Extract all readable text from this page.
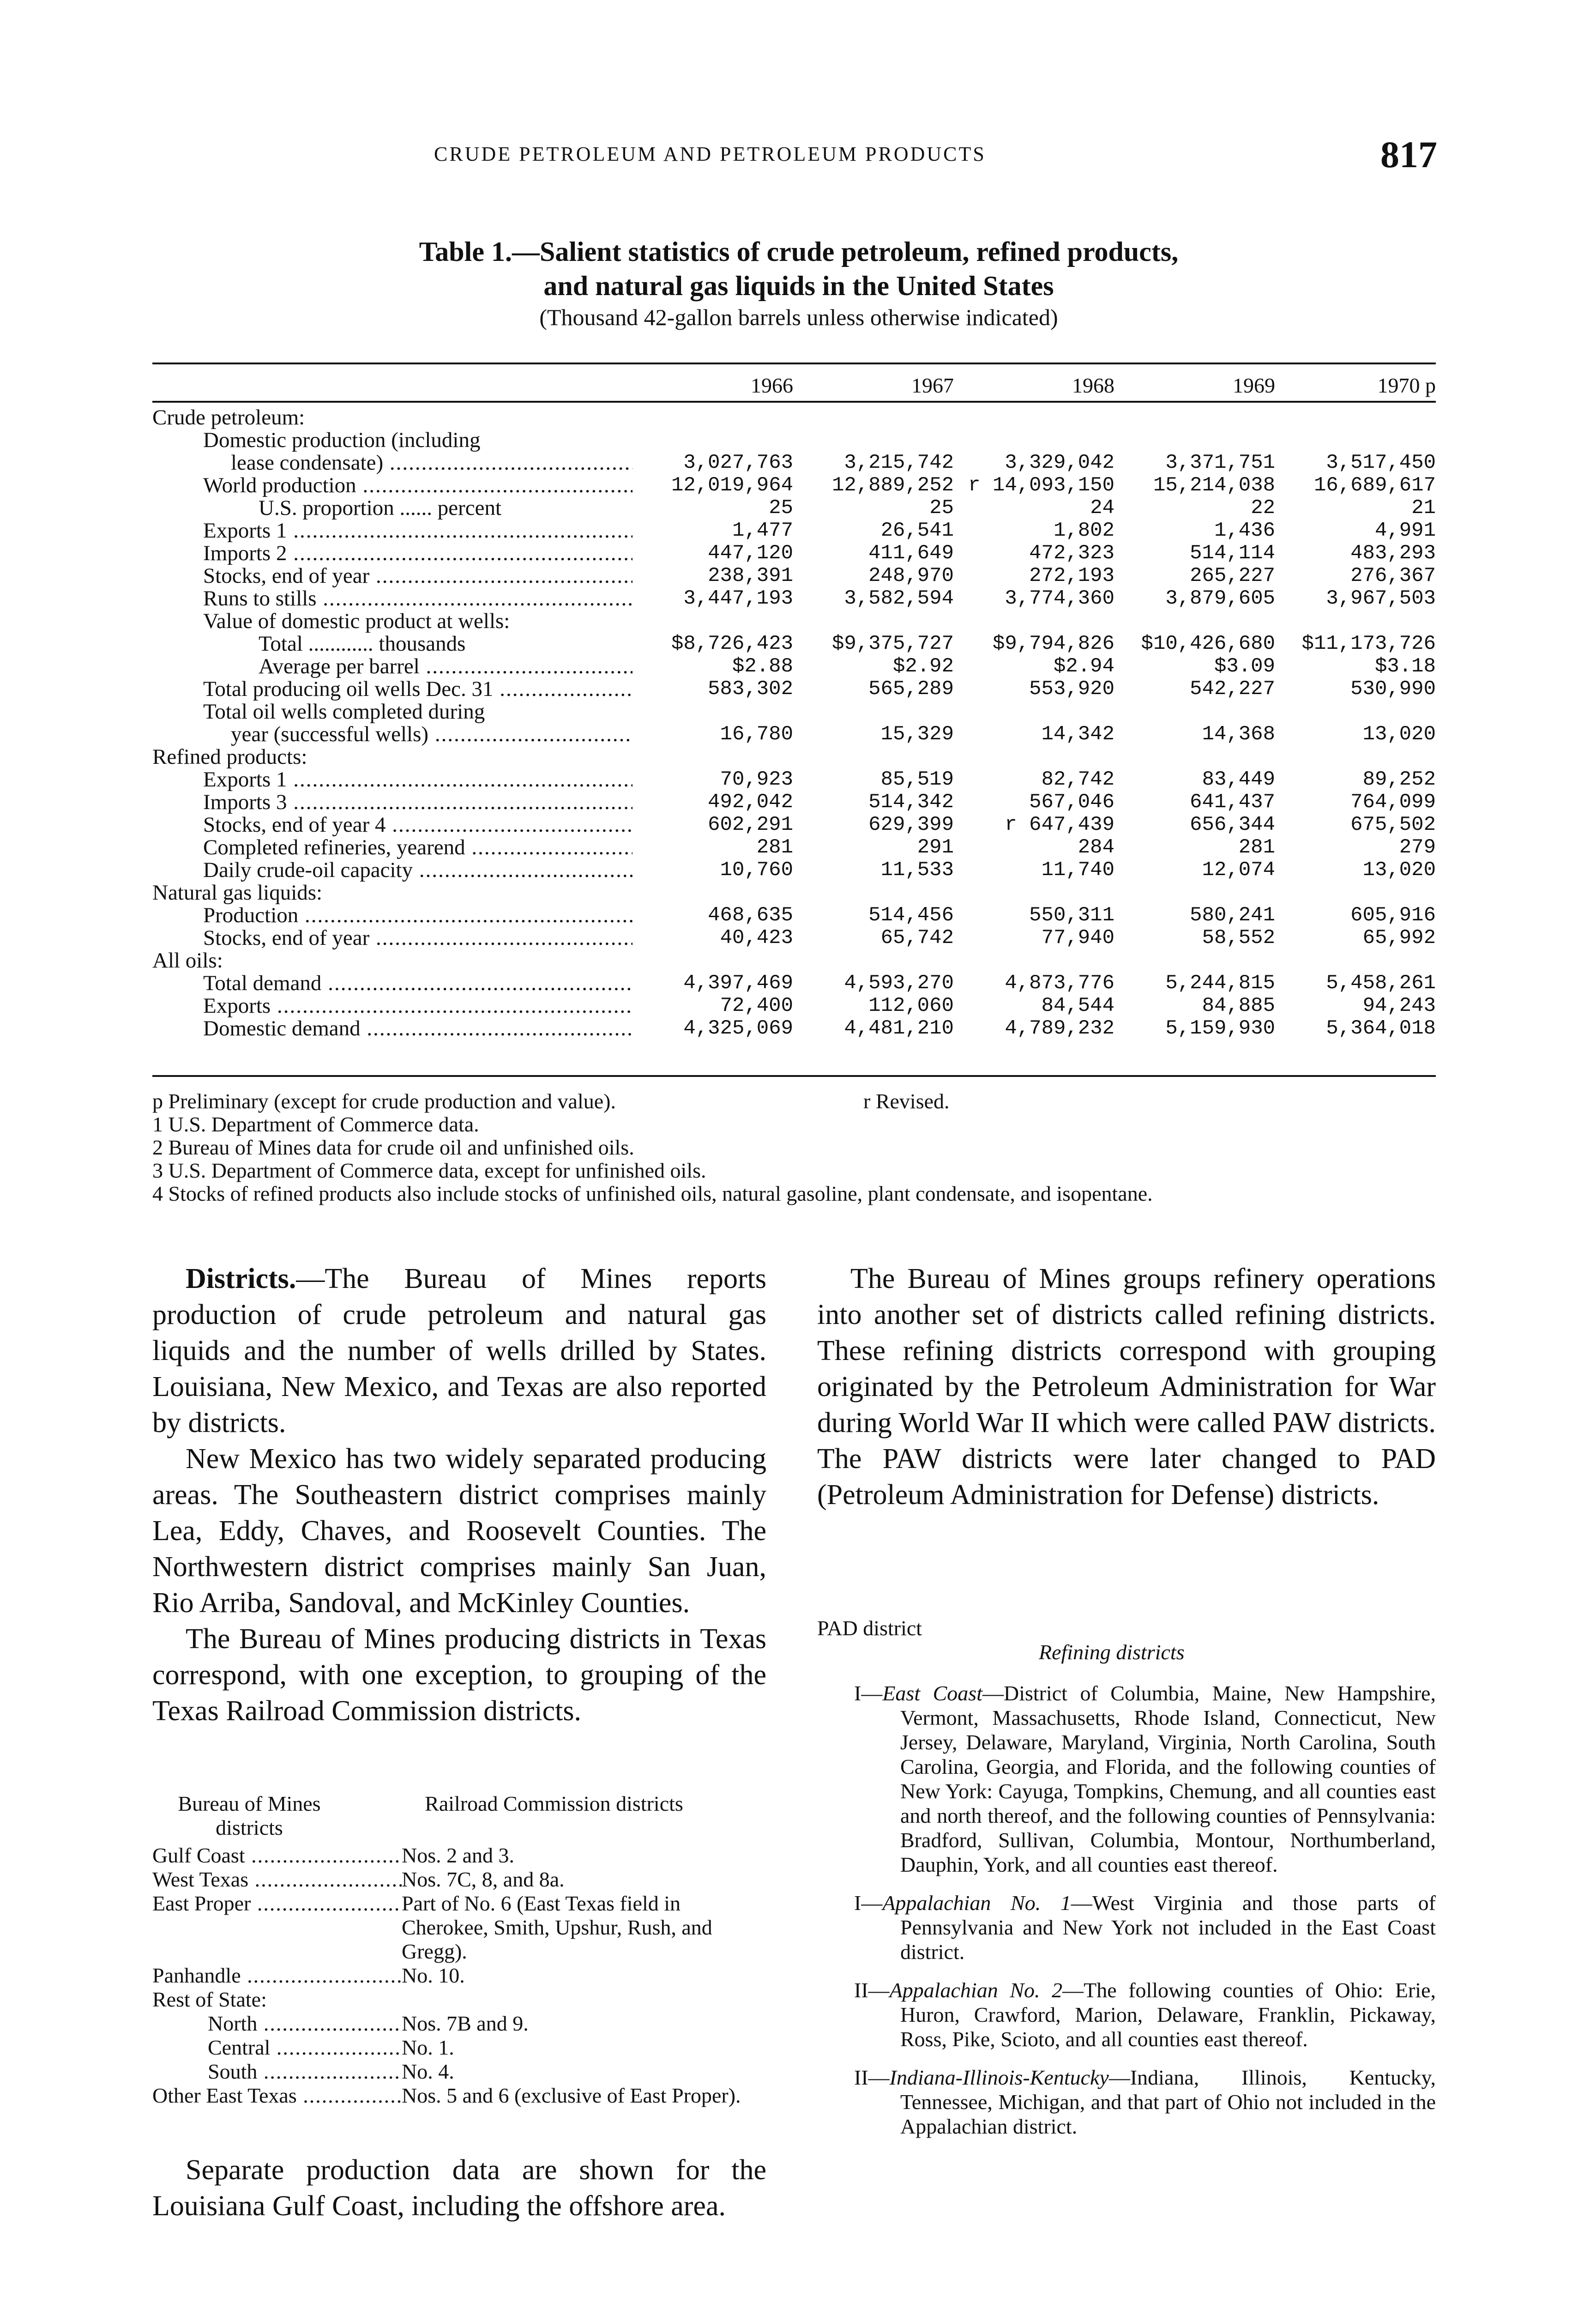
CRUDE PETROLEUM AND PETROLEUM PRODUCTS	817
Table 1.—Salient statistics of crude petroleum, refined products,
and natural gas liquids in the United States
(Thousand 42-gallon barrels unless otherwise indicated)
1966	1967	1968	1969	1970 p
Crude petroleum:
Domestic production (including
lease condensate) .....	3,027,763	3,215,742	3,329,042	3,371,751	3,517,450
World production .....	12,019,964	12,889,252 r 14,093,150	15,214,038	16,689,617
U.S. proportion ...... percent	25	25	24	22	21
Exports 1 .....	1,477	26,541	1,802	1,436	4,991
Imports 2 .....	447,120	411,649	472,323	514,114	483,293
Stocks, end of year .....	238,391	248,970	272,193	265,227	276,367
Runs to stills .....	3,447,193	3,582,594	3,774,360	3,879,605	3,967,503
Value of domestic product at wells:
Total ............ thousands	$8,726,423	$9,375,727	$9,794,826	$10,426,680	$11,173,726
Average per barrel .....	$2.88	$2.92	$2.94	$3.09	$3.18
Total producing oil wells Dec. 31 .....	583,302	565,289	553,920	542,227	530,990
Total oil wells completed during
year (successful wells) .....	16,780	15,329	14,342	14,368	13,020
Refined products:
Exports 1 .....	70,923	85,519	82,742	83,449	89,252
Imports 3 .....	492,042	514,342	567,046	641,437	764,099
Stocks, end of year 4 .....	602,291	629,399	r 647,439	656,344	675,502
Completed refineries, yearend .....	281	291	284	281	279
Daily crude-oil capacity .....	10,760	11,533	11,740	12,074	13,020
Natural gas liquids:
Production .....	468,635	514,456	550,311	580,241	605,916
Stocks, end of year .....	40,423	65,742	77,940	58,552	65,992
All oils:
Total demand .....	4,397,469	4,593,270	4,873,776	5,244,815	5,458,261
Exports .....	72,400	112,060	84,544	84,885	94,243
Domestic demand .....	4,325,069	4,481,210	4,789,232	5,159,930	5,364,018
p Preliminary (except for crude production and value).	r Revised.
1 U.S. Department of Commerce data.
2 Bureau of Mines data for crude oil and unfinished oils.
3 U.S. Department of Commerce data, except for unfinished oils.
4 Stocks of refined products also include stocks of unfinished oils, natural gasoline, plant condensate, and isopentane.

Districts.—The Bureau of Mines reports production of crude petroleum and natural gas liquids and the number of wells drilled by States. Louisiana, New Mexico, and Texas are also reported by districts.

New Mexico has two widely separated producing areas. The Southeastern district comprises mainly Lea, Eddy, Chaves, and Roosevelt Counties. The Northwestern district comprises mainly San Juan, Rio Arriba, Sandoval, and McKinley Counties.

The Bureau of Mines producing districts in Texas correspond, with one exception, to grouping of the Texas Railroad Commission districts.

Bureau of Mines districts
Railroad Commission districts
Gulf Coast .....	Nos. 2 and 3.
West Texas .....	Nos. 7C, 8, and 8a.
East Proper .....	Part of No. 6 (East Texas field in Cherokee, Smith, Upshur, Rush, and Gregg).
Panhandle .....	No. 10.
Rest of State:
North .....	Nos. 7B and 9.
Central .....	No. 1.
South .....	No. 4.
Other East Texas .....	Nos. 5 and 6 (exclusive of East Proper).

Separate production data are shown for the Louisiana Gulf Coast, including the offshore area.

The Bureau of Mines groups refinery operations into another set of districts called refining districts. These refining districts correspond with grouping originated by the Petroleum Administration for War during World War II which were called PAW districts. The PAW districts were later changed to PAD (Petroleum Administration for Defense) districts.

PAD district
Refining districts
I—East Coast—District of Columbia, Maine, New Hampshire, Vermont, Massachusetts, Rhode Island, Connecticut, New Jersey, Delaware, Maryland, Virginia, North Carolina, South Carolina, Georgia, and Florida, and the following counties of New York: Cayuga, Tompkins, Chemung, and all counties east and north thereof, and the following counties of Pennsylvania: Bradford, Sullivan, Columbia, Montour, Northumberland, Dauphin, York, and all counties east thereof.
I—Appalachian No. 1—West Virginia and those parts of Pennsylvania and New York not included in the East Coast district.
II—Appalachian No. 2—The following counties of Ohio: Erie, Huron, Crawford, Marion, Delaware, Franklin, Pickaway, Ross, Pike, Scioto, and all counties east thereof.
II—Indiana-Illinois-Kentucky—Indiana, Illinois, Kentucky, Tennessee, Michigan, and that part of Ohio not included in the Appalachian district.
